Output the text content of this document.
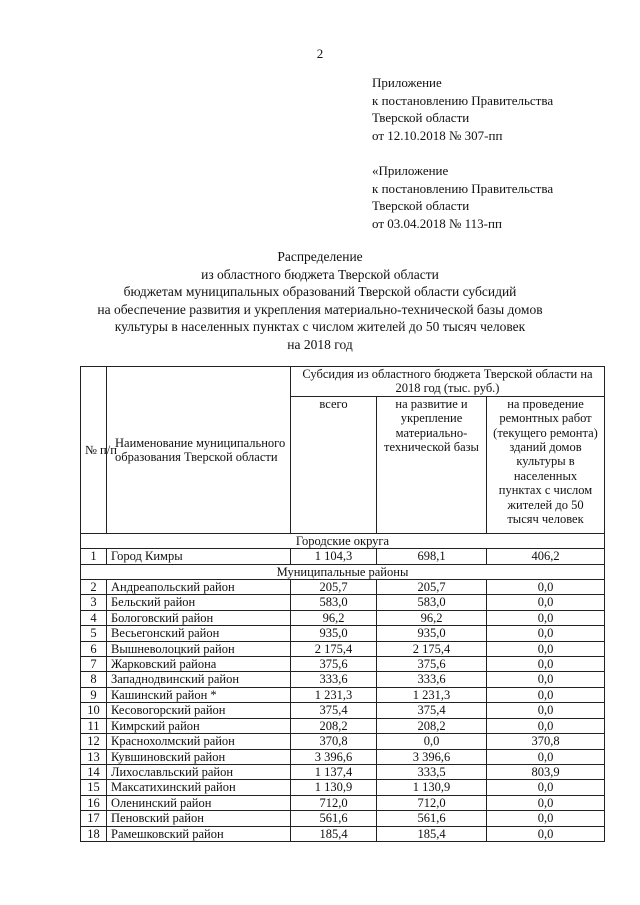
2
Приложение
к постановлению Правительства
Тверской области
от 12.10.2018 № 307-пп
«Приложение
к постановлению Правительства
Тверской области
от 03.04.2018 № 113-пп
Распределение
из областного бюджета Тверской области
бюджетам муниципальных образований Тверской области субсидий
на обеспечение развития и укрепления материально-технической базы домов
культуры в населенных пунктах с числом жителей до 50 тысяч человек
на 2018 год
№ п/п	Наименование муниципального образования Тверской области	Субсидия из областного бюджета Тверской области на 2018 год (тыс. руб.)		
		всего	на развитие и укрепление материально-технической базы	на проведение ремонтных работ (текущего ремонта) зданий домов культуры в населенных пунктах с числом жителей до 50 тысяч человек
Городские округа				
1	Город Кимры	1 104,3	698,1	406,2
Муниципальные районы				
2	Андреапольский район	205,7	205,7	0,0
3	Бельский район	583,0	583,0	0,0
4	Бологовский район	96,2	96,2	0,0
5	Весьегонский район	935,0	935,0	0,0
6	Вышневолоцкий район	2 175,4	2 175,4	0,0
7	Жарковский района	375,6	375,6	0,0
8	Западнодвинский район	333,6	333,6	0,0
9	Кашинский район *	1 231,3	1 231,3	0,0
10	Кесовогорский район	375,4	375,4	0,0
11	Кимрский район	208,2	208,2	0,0
12	Краснохолмский район	370,8	0,0	370,8
13	Кувшиновский район	3 396,6	3 396,6	0,0
14	Лихославльский район	1 137,4	333,5	803,9
15	Максатихинский район	1 130,9	1 130,9	0,0
16	Оленинский район	712,0	712,0	0,0
17	Пеновский район	561,6	561,6	0,0
18	Рамешковский район	185,4	185,4	0,0
